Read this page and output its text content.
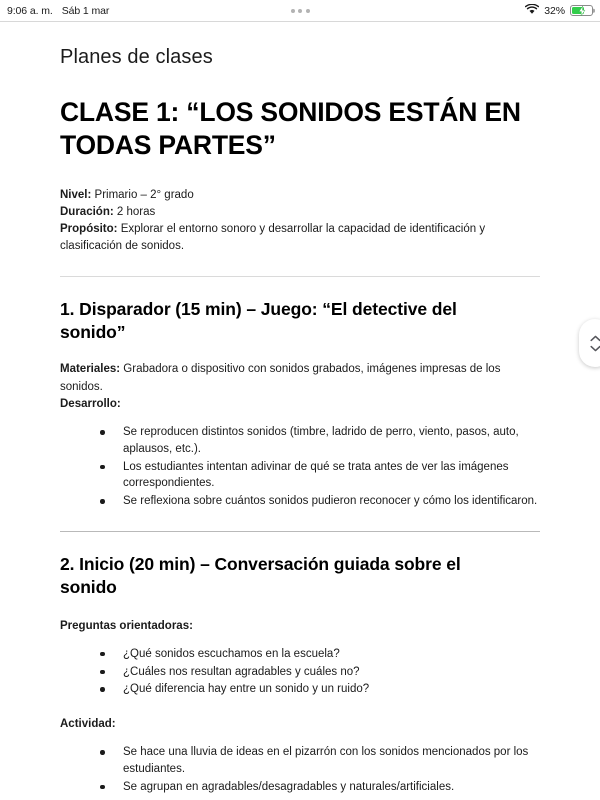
9:06 a. m. Sáb 1 mar	32%
Planes de clases
CLASE 1: “LOS SONIDOS ESTÁN EN TODAS PARTES”
Nivel: Primario – 2° grado
Duración: 2 horas
Propósito: Explorar el entorno sonoro y desarrollar la capacidad de identificación y clasificación de sonidos.
1. Disparador (15 min) – Juego: “El detective del sonido”
Materiales: Grabadora o dispositivo con sonidos grabados, imágenes impresas de los sonidos.
Desarrollo:
Se reproducen distintos sonidos (timbre, ladrido de perro, viento, pasos, auto, aplausos, etc.).
Los estudiantes intentan adivinar de qué se trata antes de ver las imágenes correspondientes.
Se reflexiona sobre cuántos sonidos pudieron reconocer y cómo los identificaron.
2. Inicio (20 min) – Conversación guiada sobre el sonido
Preguntas orientadoras:
¿Qué sonidos escuchamos en la escuela?
¿Cuáles nos resultan agradables y cuáles no?
¿Qué diferencia hay entre un sonido y un ruido?
Actividad:
Se hace una lluvia de ideas en el pizarrón con los sonidos mencionados por los estudiantes.
Se agrupan en agradables/desagradables y naturales/artificiales.
